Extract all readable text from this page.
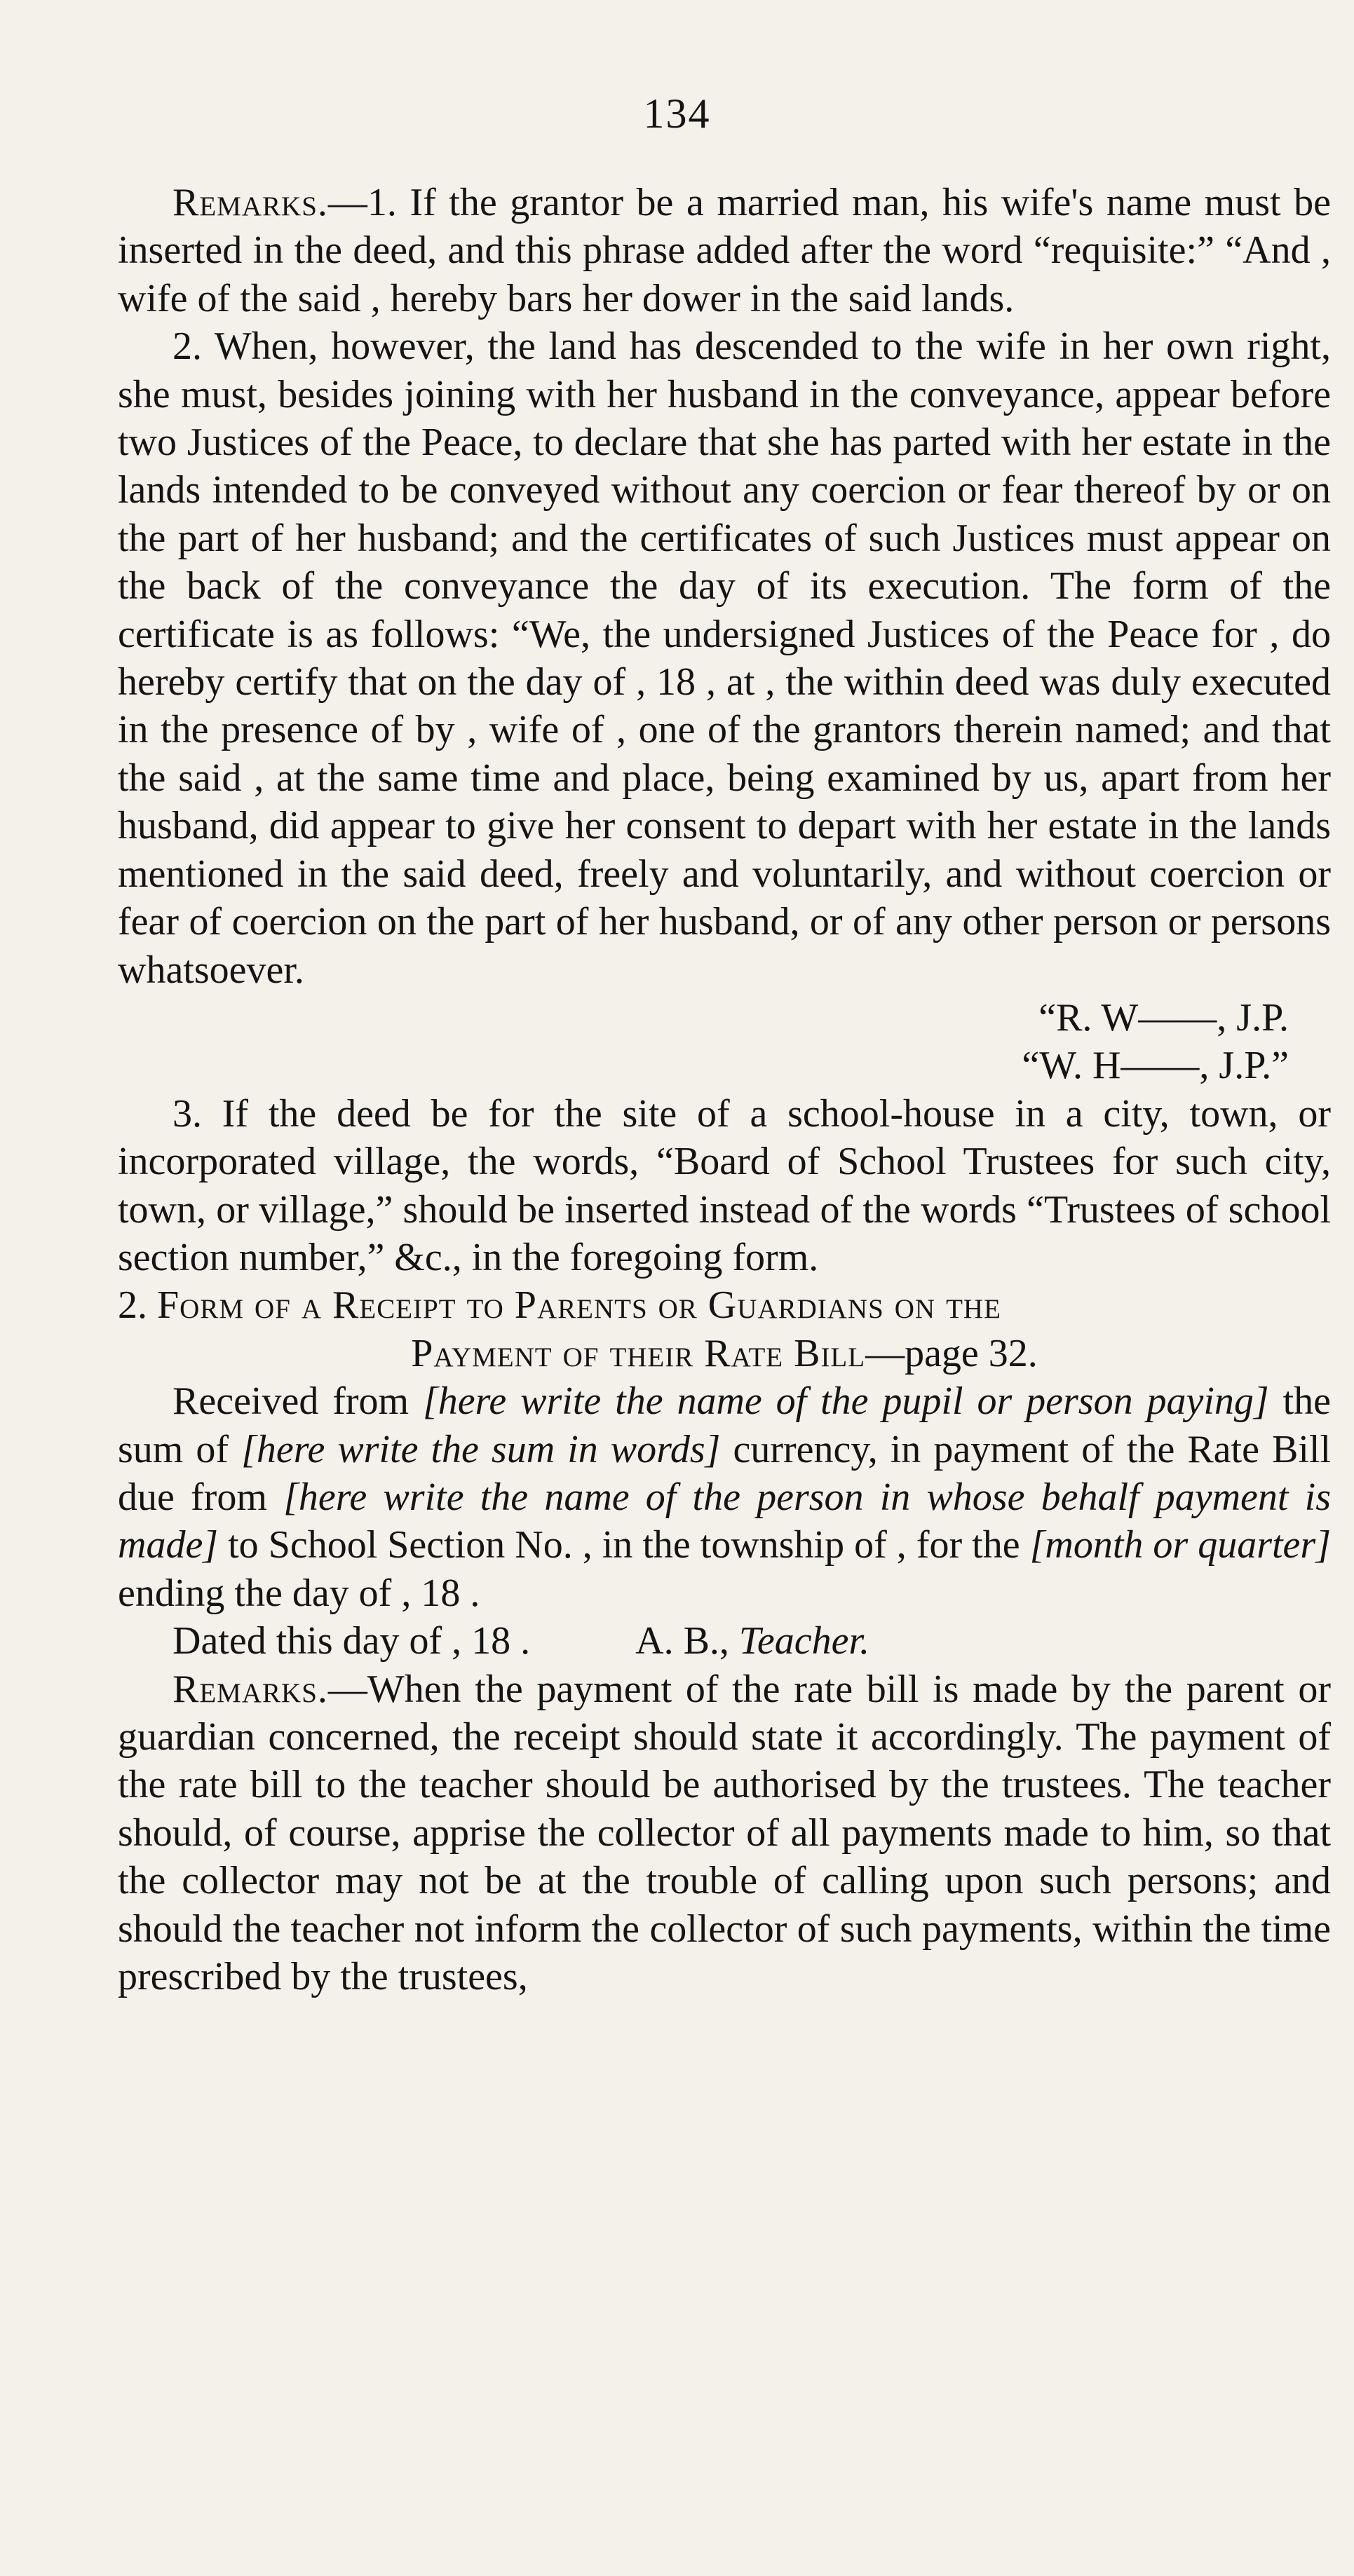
134

Remarks.—1. If the grantor be a married man, his wife's name must be inserted in the deed, and this phrase added after the word “requisite:” “And , wife of the said , hereby bars her dower in the said lands.

2. When, however, the land has descended to the wife in her own right, she must, besides joining with her husband in the conveyance, appear before two Justices of the Peace, to declare that she has parted with her estate in the lands intended to be conveyed without any coercion or fear thereof by or on the part of her husband; and the certificates of such Justices must appear on the back of the conveyance the day of its execution. The form of the certificate is as follows: “We, the undersigned Justices of the Peace for , do hereby certify that on the day of , 18 , at , the within deed was duly executed in the presence of by , wife of , one of the grantors therein named; and that the said , at the same time and place, being examined by us, apart from her husband, did appear to give her consent to depart with her estate in the lands mentioned in the said deed, freely and voluntarily, and without coercion or fear of coercion on the part of her husband, or of any other person or persons whatsoever.

“R. W——, J.P.

“W. H——, J.P.”

3. If the deed be for the site of a school-house in a city, town, or incorporated village, the words, “Board of School Trustees for such city, town, or village,” should be inserted instead of the words “Trustees of school section number,” &c., in the foregoing form.

2. Form of a Receipt to Parents or Guardians on the
Payment of their Rate Bill—page 32.

Received from [here write the name of the pupil or person paying] the sum of [here write the sum in words] currency, in payment of the Rate Bill due from [here write the name of the person in whose behalf payment is made] to School Section No. , in the township of , for the [month or quarter] ending the day of , 18 .

Dated this day of , 18 .	A. B., Teacher.

Remarks.—When the payment of the rate bill is made by the parent or guardian concerned, the receipt should state it accordingly. The payment of the rate bill to the teacher should be authorised by the trustees. The teacher should, of course, apprise the collector of all payments made to him, so that the collector may not be at the trouble of calling upon such persons; and should the teacher not inform the collector of such payments, within the time prescribed by the trustees,
